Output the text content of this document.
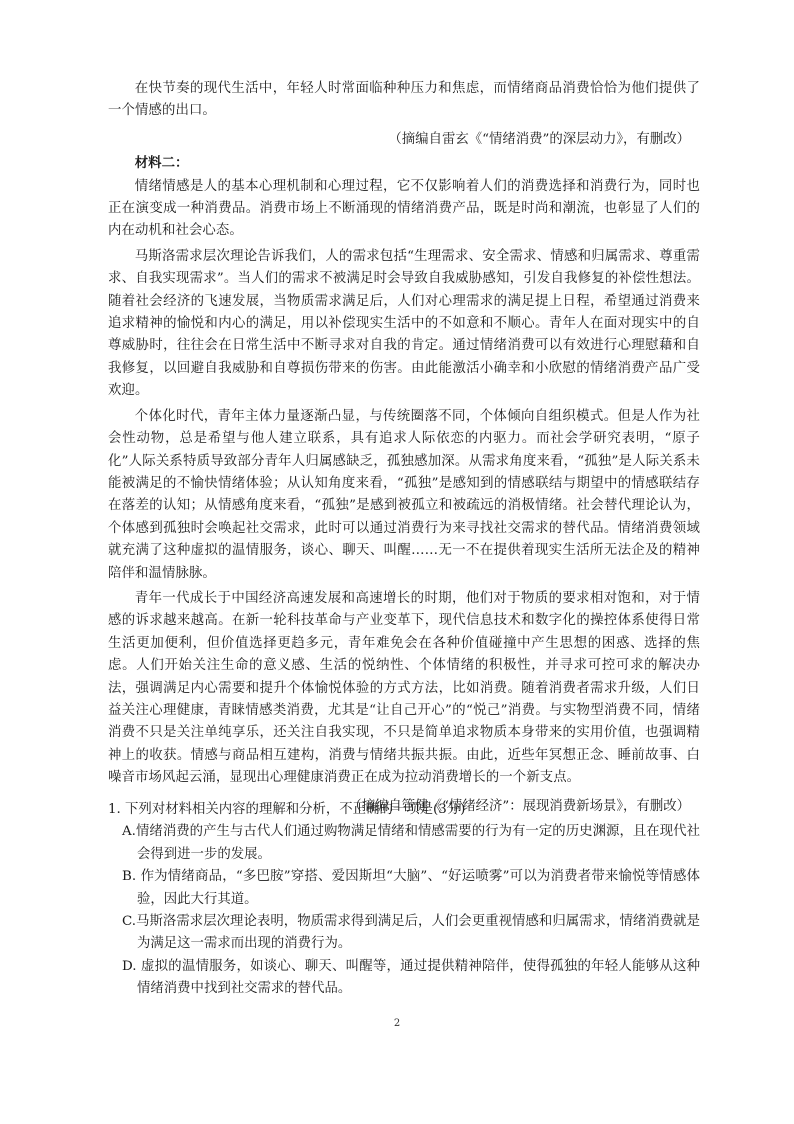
在快节奏的现代生活中，年轻人时常面临种种压力和焦虑，而情绪商品消费恰恰为他们提供了一个情感的出口。

（摘编自雷玄《“情绪消费”的深层动力》，有删改）

材料二：

情绪情感是人的基本心理机制和心理过程，它不仅影响着人们的消费选择和消费行为，同时也正在演变成一种消费品。消费市场上不断涌现的情绪消费产品，既是时尚和潮流，也彰显了人们的内在动机和社会心态。

马斯洛需求层次理论告诉我们，人的需求包括“生理需求、安全需求、情感和归属需求、尊重需求、自我实现需求”。当人们的需求不被满足时会导致自我威胁感知，引发自我修复的补偿性想法。随着社会经济的飞速发展，当物质需求满足后，人们对心理需求的满足提上日程，希望通过消费来追求精神的愉悦和内心的满足，用以补偿现实生活中的不如意和不顺心。青年人在面对现实中的自尊威胁时，往往会在日常生活中不断寻求对自我的肯定。通过情绪消费可以有效进行心理慰藉和自我修复，以回避自我威胁和自尊损伤带来的伤害。由此能激活小确幸和小欣慰的情绪消费产品广受欢迎。

个体化时代，青年主体力量逐渐凸显，与传统圈落不同，个体倾向自组织模式。但是人作为社会性动物，总是希望与他人建立联系，具有追求人际依恋的内驱力。而社会学研究表明，“原子化”人际关系特质导致部分青年人归属感缺乏，孤独感加深。从需求角度来看，“孤独”是人际关系未能被满足的不愉快情绪体验；从认知角度来看，“孤独”是感知到的情感联结与期望中的情感联结存在落差的认知；从情感角度来看，“孤独”是感到被孤立和被疏远的消极情绪。社会替代理论认为，个体感到孤独时会唤起社交需求，此时可以通过消费行为来寻找社交需求的替代品。情绪消费领域就充满了这种虚拟的温情服务，谈心、聊天、叫醒……无一不在提供着现实生活所无法企及的精神陪伴和温情脉脉。

青年一代成长于中国经济高速发展和高速增长的时期，他们对于物质的要求相对饱和，对于情感的诉求越来越高。在新一轮科技革命与产业变革下，现代信息技术和数字化的操控体系使得日常生活更加便利，但价值选择更趋多元，青年难免会在各种价值碰撞中产生思想的困惑、选择的焦虑。人们开始关注生命的意义感、生活的悦纳性、个体情绪的积极性，并寻求可控可求的解决办法，强调满足内心需要和提升个体愉悦体验的方式方法，比如消费。随着消费者需求升级，人们日益关注心理健康，青睐情感类消费，尤其是“让自己开心”的“悦己”消费。与实物型消费不同，情绪消费不只是关注单纯享乐，还关注自我实现，不只是简单追求物质本身带来的实用价值，也强调精神上的收获。情感与商品相互建构，消费与情绪共振共振。由此，近些年冥想正念、睡前故事、白噪音市场风起云涌，显现出心理健康消费正在成为拉动消费增长的一个新支点。

（摘编自管健《“情绪经济”：展现消费新场景》，有删改）

1. 下列对材料相关内容的理解和分析，不正确的一项是(3分)

A.情绪消费的产生与古代人们通过购物满足情绪和情感需要的行为有一定的历史渊源，且在现代社会得到进一步的发展。

B. 作为情绪商品，“多巴胺”穿搭、爱因斯坦“大脑”、“好运喷雾”可以为消费者带来愉悦等情感体验，因此大行其道。

C.马斯洛需求层次理论表明，物质需求得到满足后，人们会更重视情感和归属需求，情绪消费就是为满足这一需求而出现的消费行为。

D. 虚拟的温情服务，如谈心、聊天、叫醒等，通过提供精神陪伴，使得孤独的年轻人能够从这种情绪消费中找到社交需求的替代品。

2
